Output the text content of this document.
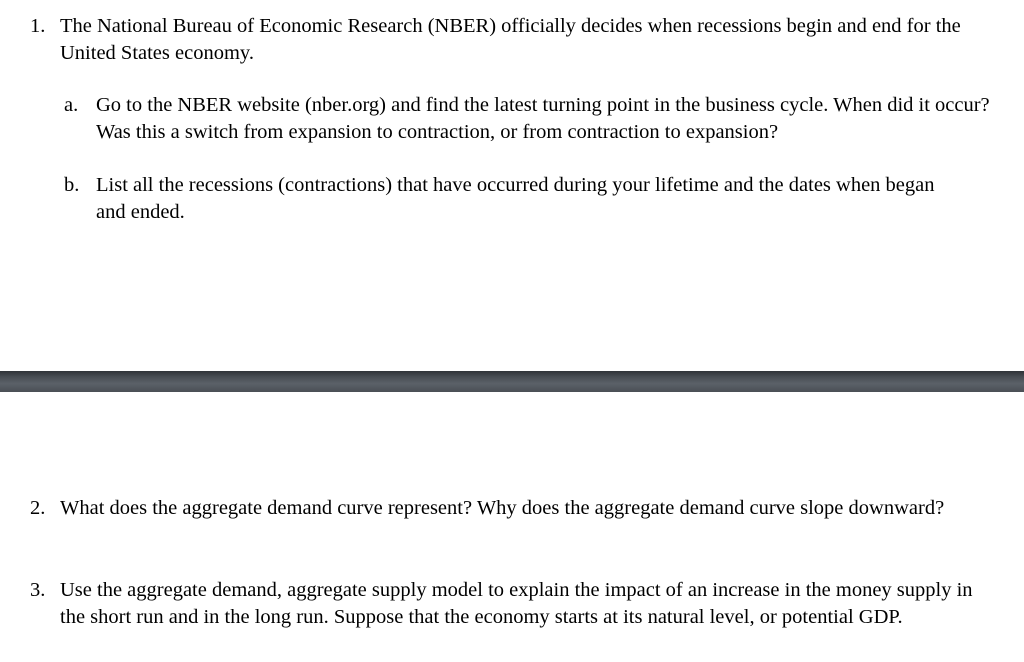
1. The National Bureau of Economic Research (NBER) officially decides when recessions begin and end for the United States economy.
a. Go to the NBER website (nber.org) and find the latest turning point in the business cycle. When did it occur? Was this a switch from expansion to contraction, or from contraction to expansion?
b. List all the recessions (contractions) that have occurred during your lifetime and the dates when began and ended.
2. What does the aggregate demand curve represent? Why does the aggregate demand curve slope downward?
3. Use the aggregate demand, aggregate supply model to explain the impact of an increase in the money supply in the short run and in the long run. Suppose that the economy starts at its natural level, or potential GDP.
